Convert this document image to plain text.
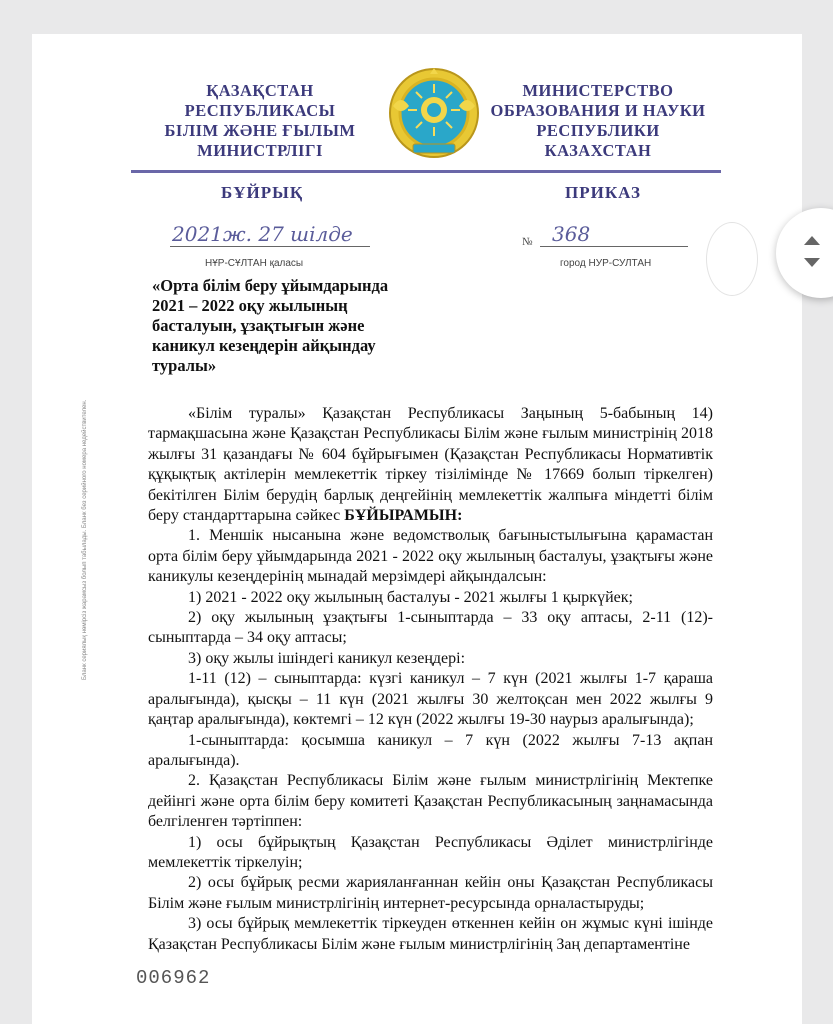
ҚАЗАҚСТАН
РЕСПУБЛИКАСЫ
БІЛІМ ЖӘНЕ ҒЫЛЫМ
МИНИСТРЛІГІ
МИНИСТЕРСТВО
ОБРАЗОВАНИЯ И НАУКИ
РЕСПУБЛИКИ
КАЗАХСТАН
БҰЙРЫҚ	ПРИКАЗ
2021ж. 27 шілде	№ 368
НҰР-СҰЛТАН қаласы	город НУР-СУЛТАН
«Орта білім беру ұйымдарында
2021 – 2022 оқу жылының
басталуын, ұзақтығын және
каникул кезеңдерін айқындау
туралы»
Бланк сериялық нөмірсіз жарамсыз болып табылады. Бланк без серийного номера недействителен.	«Білім туралы» Қазақстан Республикасы Заңының 5-бабының 14) тармақшасына және Қазақстан Республикасы Білім және ғылым министрінің 2018 жылғы 31 қазандағы № 604 бұйрығымен (Қазақстан Республикасы Нормативтік құқықтық актілерін мемлекеттік тіркеу тізілімінде № 17669 болып тіркелген) бекітілген Білім берудің барлық деңгейінің мемлекеттік жалпыға міндетті білім беру стандарттарына сәйкес БҰЙЫРАМЫН:

1. Меншік нысанына және ведомстволық бағыныстылығына қарамастан орта білім беру ұйымдарында 2021 - 2022 оқу жылының басталуы, ұзақтығы және каникулы кезеңдерінің мынадай мерзімдері айқындалсын:

1) 2021 - 2022 оқу жылының басталуы - 2021 жылғы 1 қыркүйек;

2) оқу жылының ұзақтығы 1-сыныптарда – 33 оқу аптасы, 2-11 (12)-сыныптарда – 34 оқу аптасы;

3) оқу жылы ішіндегі каникул кезеңдері:

1-11 (12) – сыныптарда: күзгі каникул – 7 күн (2021 жылғы 1-7 қараша аралығында), қысқы – 11 күн (2021 жылғы 30 желтоқсан мен 2022 жылғы 9 қаңтар аралығында), көктемгі – 12 күн (2022 жылғы 19-30 наурыз аралығында);

1-сыныптарда: қосымша каникул – 7 күн (2022 жылғы 7-13 ақпан аралығында).

2. Қазақстан Республикасы Білім және ғылым министрлігінің Мектепке дейінгі және орта білім беру комитеті Қазақстан Республикасының заңнамасында белгіленген тәртіппен:

1) осы бұйрықтың Қазақстан Республикасы Әділет министрлігінде мемлекеттік тіркелуін;

2) осы бұйрық ресми жарияланғаннан кейін оны Қазақстан Республикасы Білім және ғылым министрлігінің интернет-ресурсында орналастыруды;

3) осы бұйрық мемлекеттік тіркеуден өткеннен кейін он жұмыс күні ішінде Қазақстан Республикасы Білім және ғылым министрлігінің Заң департаментіне

006962
